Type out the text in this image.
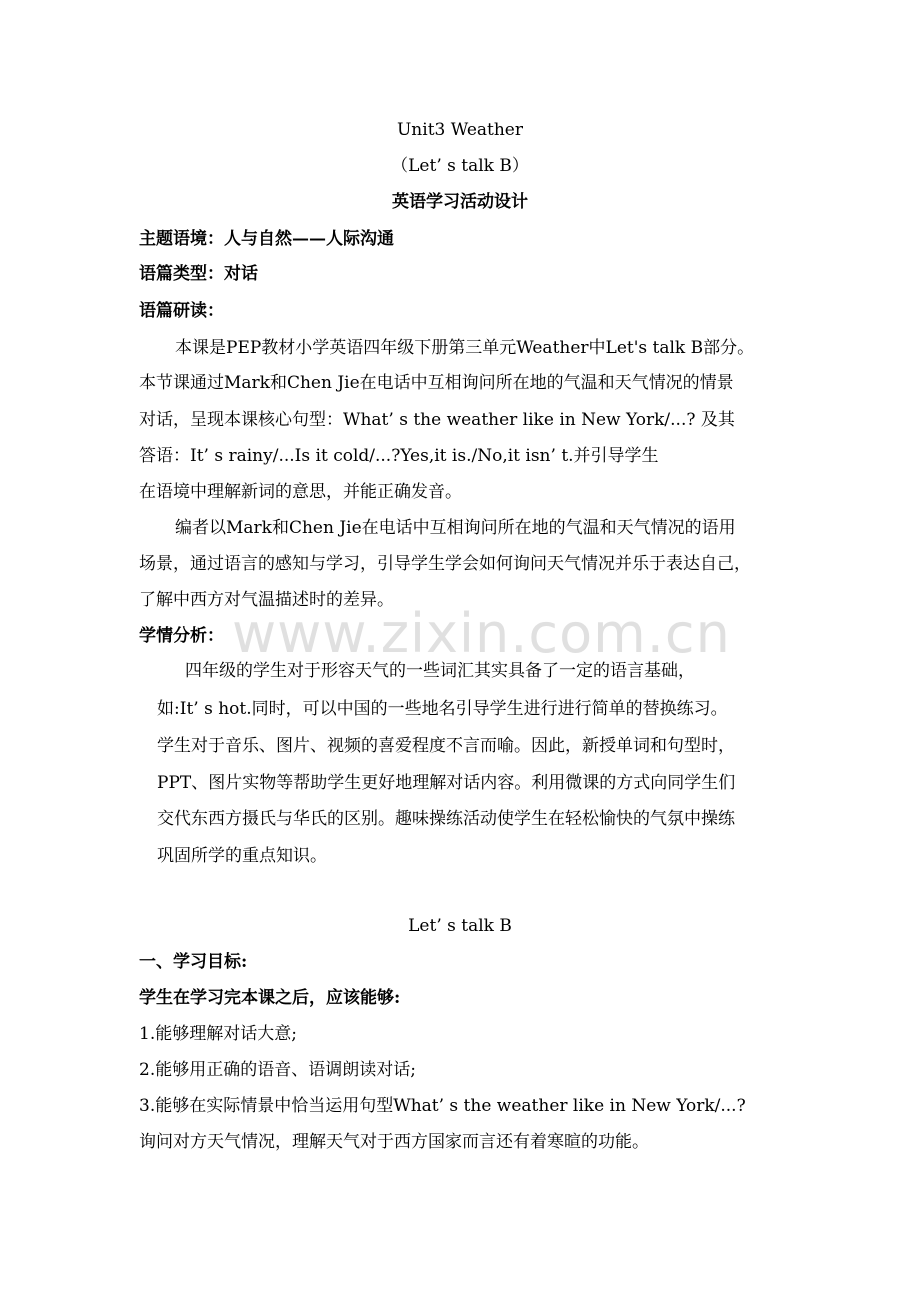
www.zixin.com.cn

Unit3 Weather

（Let’ s talk B）

英语学习活动设计

主题语境：人与自然——人际沟通

语篇类型：对话

语篇研读：

本课是PEP教材小学英语四年级下册第三单元Weather中Let's talk B部分。

本节课通过Mark和Chen Jie在电话中互相询问所在地的气温和天气情况的情景

对话，呈现本课核心句型：What’ s the weather like in New York/...? 及其

答语：It’ s rainy/...Is it cold/...?Yes,it is./No,it isn’ t.并引导学生

在语境中理解新词的意思，并能正确发音。

编者以Mark和Chen Jie在电话中互相询问所在地的气温和天气情况的语用

场景，通过语言的感知与学习，引导学生学会如何询问天气情况并乐于表达自己，

了解中西方对气温描述时的差异。

学情分析：

四年级的学生对于形容天气的一些词汇其实具备了一定的语言基础，

如:It’ s hot.同时，可以中国的一些地名引导学生进行进行简单的替换练习。

学生对于音乐、图片、视频的喜爱程度不言而喻。因此，新授单词和句型时，

PPT、图片实物等帮助学生更好地理解对话内容。利用微课的方式向同学生们

交代东西方摄氏与华氏的区别。趣味操练活动使学生在轻松愉快的气氛中操练

巩固所学的重点知识。

Let’ s talk B

一、学习目标:

学生在学习完本课之后，应该能够:

1.能够理解对话大意;

2.能够用正确的语音、语调朗读对话;

3.能够在实际情景中恰当运用句型What’ s the weather like in New York/...?

询问对方天气情况，理解天气对于西方国家而言还有着寒暄的功能。
